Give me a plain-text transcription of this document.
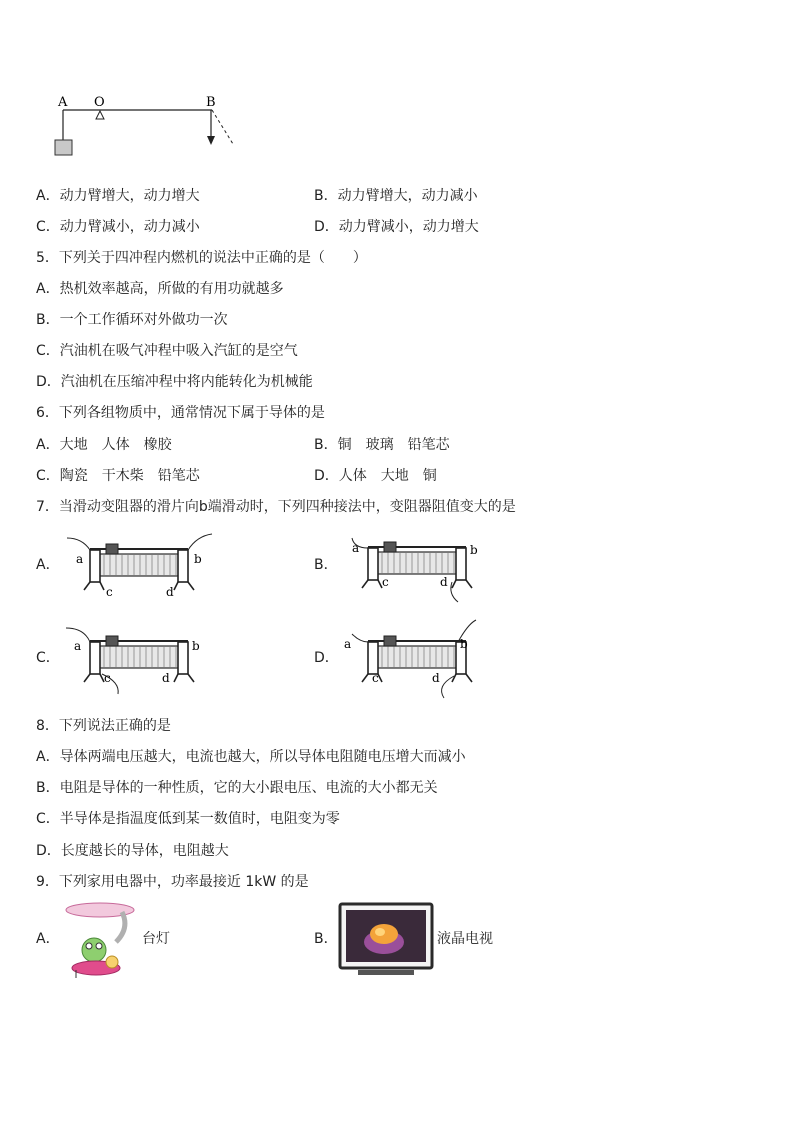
A O	B
A．动力臂增大，动力增大	B．动力臂增大，动力减小
C．动力臂减小，动力减小	D．动力臂减小，动力增大
5．下列关于四冲程内燃机的说法中正确的是（　　）
A．热机效率越高，所做的有用功就越多
B．一个工作循环对外做功一次
C．汽油机在吸气冲程中吸入汽缸的是空气
D．汽油机在压缩冲程中将内能转化为机械能
6．下列各组物质中，通常情况下属于导体的是
A．大地　人体　橡胶	B．铜　玻璃　铅笔芯
C．陶瓷　干木柴　铅笔芯	D．人体　大地　铜
7．当滑动变阻器的滑片向b端滑动时，下列四种接法中，变阻器阻值变大的是
A．	B．
C．	D．
a	b
c	d
a	b
c	d
a	b
c	d
a	b
c	d
8．下列说法正确的是
A．导体两端电压越大，电流也越大，所以导体电阻随电压增大而减小
B．电阻是导体的一种性质，它的大小跟电压、电流的大小都无关
C．半导体是指温度低到某一数值时，电阻变为零
D．长度越长的导体，电阻越大
9．下列家用电器中，功率最接近 1kW 的是
A．	台灯	B．	液晶电视
